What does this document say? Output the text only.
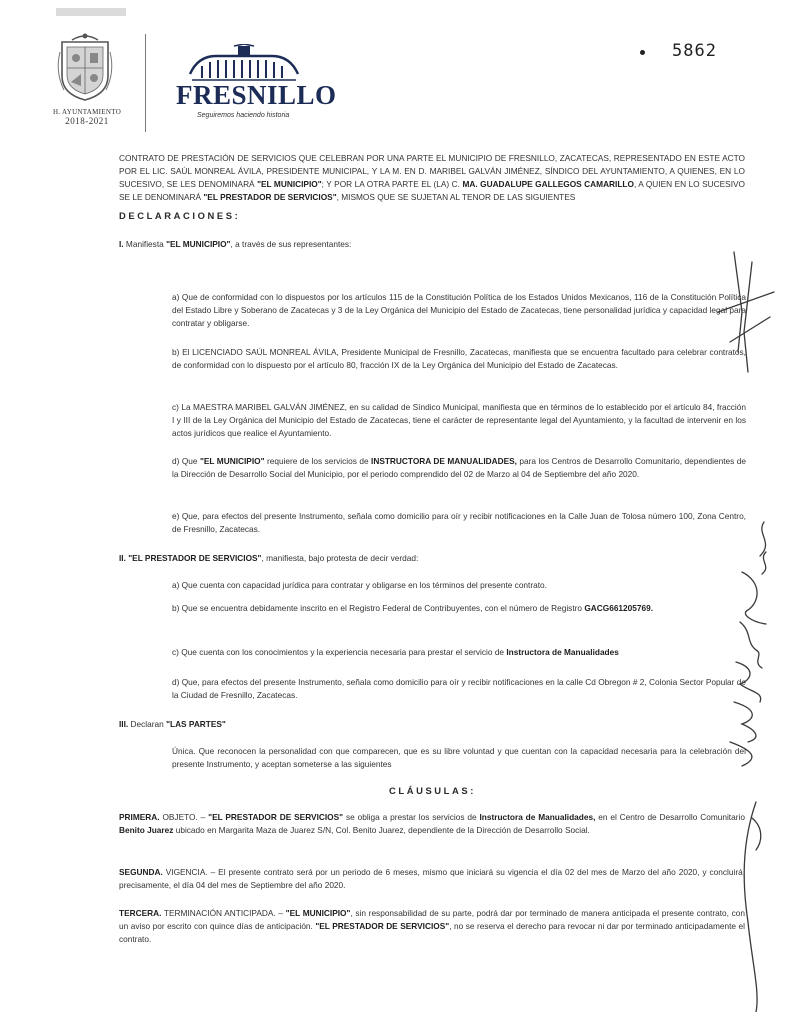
H. AYUNTAMIENTO
2018-2021
FRESNILLO
Seguiremos haciendo historia
5862
CONTRATO DE PRESTACIÓN DE SERVICIOS QUE CELEBRAN POR UNA PARTE EL MUNICIPIO DE FRESNILLO, ZACATECAS, REPRESENTADO EN ESTE ACTO POR EL LIC. SAÚL MONREAL ÁVILA, PRESIDENTE MUNICIPAL, Y LA M. EN D. MARIBEL GALVÁN JIMÉNEZ, SÍNDICO DEL AYUNTAMIENTO, A QUIENES, EN LO SUCESIVO, SE LES DENOMINARÁ "EL MUNICIPIO"; Y POR LA OTRA PARTE EL (LA) C. MA. GUADALUPE GALLEGOS CAMARILLO, A QUIEN EN LO SUCESIVO SE LE DENOMINARÁ "EL PRESTADOR DE SERVICIOS", MISMOS QUE SE SUJETAN AL TENOR DE LAS SIGUIENTES
DECLARACIONES:
I. Manifiesta "EL MUNICIPIO", a través de sus representantes:
a) Que de conformidad con lo dispuestos por los artículos 115 de la Constitución Política de los Estados Unidos Mexicanos, 116 de la Constitución Política del Estado Libre y Soberano de Zacatecas y 3 de la Ley Orgánica del Municipio del Estado de Zacatecas, tiene personalidad jurídica y capacidad legal para contratar y obligarse.
b) El LICENCIADO SAÚL MONREAL ÁVILA, Presidente Municipal de Fresnillo, Zacatecas, manifiesta que se encuentra facultado para celebrar contratos, de conformidad con lo dispuesto por el artículo 80, fracción IX de la Ley Orgánica del Municipio del Estado de Zacatecas.
c) La MAESTRA MARIBEL GALVÁN JIMÉNEZ, en su calidad de Síndico Municipal, manifiesta que en términos de lo establecido por el artículo 84, fracción I y III de la Ley Orgánica del Municipio del Estado de Zacatecas, tiene el carácter de representante legal del Ayuntamiento, y la facultad de intervenir en los actos jurídicos que realice el Ayuntamiento.
d) Que "EL MUNICIPIO" requiere de los servicios de INSTRUCTORA DE MANUALIDADES, para los Centros de Desarrollo Comunitario, dependientes de la Dirección de Desarrollo Social del Municipio, por el periodo comprendido del 02 de Marzo al 04 de Septiembre del año 2020.
e) Que, para efectos del presente Instrumento, señala como domicilio para oír y recibir notificaciones en la Calle Juan de Tolosa número 100, Zona Centro, de Fresnillo, Zacatecas.
II. "EL PRESTADOR DE SERVICIOS", manifiesta, bajo protesta de decir verdad:
a) Que cuenta con capacidad jurídica para contratar y obligarse en los términos del presente contrato.
b) Que se encuentra debidamente inscrito en el Registro Federal de Contribuyentes, con el número de Registro GACG661205769.
c) Que cuenta con los conocimientos y la experiencia necesaria para prestar el servicio de Instructora de Manualidades
d) Que, para efectos del presente Instrumento, señala como domicilio para oír y recibir notificaciones en la calle Cd Obregon # 2, Colonia Sector Popular de la Ciudad de Fresnillo, Zacatecas.
III. Declaran "LAS PARTES"
Única. Que reconocen la personalidad con que comparecen, que es su libre voluntad y que cuentan con la capacidad necesaria para la celebración del presente Instrumento, y aceptan someterse a las siguientes
CLÁUSULAS:
PRIMERA. OBJETO. – "EL PRESTADOR DE SERVICIOS" se obliga a prestar los servicios de Instructora de Manualidades, en el Centro de Desarrollo Comunitario Benito Juarez ubicado en Margarita Maza de Juarez S/N, Col. Benito Juarez, dependiente de la Dirección de Desarrollo Social.
SEGUNDA. VIGENCIA. – El presente contrato será por un periodo de 6 meses, mismo que iniciará su vigencia el día 02 del mes de Marzo del año 2020, y concluirá, precisamente, el día 04 del mes de Septiembre del año 2020.
TERCERA. TERMINACIÓN ANTICIPADA. – "EL MUNICIPIO", sin responsabilidad de su parte, podrá dar por terminado de manera anticipada el presente contrato, con un aviso por escrito con quince días de anticipación. "EL PRESTADOR DE SERVICIOS", no se reserva el derecho para revocar ni dar por terminado anticipadamente el contrato.
